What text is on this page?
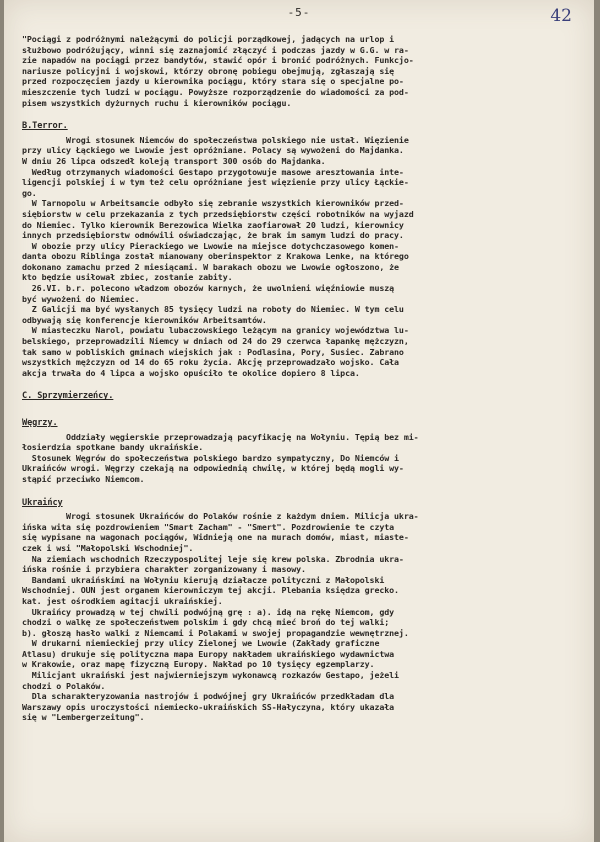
-5-	42
"Pociągi z podróżnymi należącymi do policji porządkowej, jadących na urlop i
służbowo podróżujący, winni się zaznajomić złączyć i podczas jazdy w G.G. w ra-
zie napadów na pociągi przez bandytów, stawić opór i bronić podróżnych. Funkcjo-
nariusze policyjni i wojskowi, którzy obronę pobiegu obejmują, zgłaszają się
przed rozpoczęciem jazdy u kierownika pociągu, który stara się o specjalne po-
mieszczenie tych ludzi w pociągu. Powyższe rozporządzenie do wiadomości za pod-
pisem wszystkich dyżurnych ruchu i kierowników pociągu.
B.Terror.
Wrogi stosunek Niemców do społeczeństwa polskiego nie ustał. Więzienie
przy ulicy Łąckiego we Lwowie jest opróżniane. Polacy są wywożeni do Majdanka.
W dniu 26 lipca odszedł koleją transport 300 osób do Majdanka.
Według otrzymanych wiadomości Gestapo przygotowuje masowe aresztowania inte-
ligencji polskiej i w tym też celu opróżniane jest więzienie przy ulicy Łąckie-
go.
W Tarnopolu w Arbeitsamcie odbyło się zebranie wszystkich kierowników przed-
siębiorstw w celu przekazania z tych przedsiębiorstw części robotników na wyjazd
do Niemiec. Tylko kierownik Berezowica Wielka zaofiarował 20 ludzi, kierownicy
innych przedsiębiorstw odmówili oświadczając, że brak im samym ludzi do pracy.
W obozie przy ulicy Pierackiego we Lwowie na miejsce dotychczasowego komen-
danta obozu Riblinga został mianowany oberinspektor z Krakowa Lenke, na którego
dokonano zamachu przed 2 miesiącami. W barakach obozu we Lwowie ogłoszono, że
kto będzie usiłował zbiec, zostanie zabity.
26.VI. b.r. polecono władzom obozów karnych, że uwolnieni więźniowie muszą
być wywożeni do Niemiec.
Z Galicji ma być wysłanych 85 tysięcy ludzi na roboty do Niemiec. W tym celu
odbywają się konferencje kierowników Arbeitsamtów.
W miasteczku Narol, powiatu lubaczowskiego leżącym na granicy województwa lu-
belskiego, przeprowadzili Niemcy w dniach od 24 do 29 czerwca łapankę mężczyzn,
tak samo w pobliskich gminach wiejskich jak : Podlasina, Pory, Susiec. Zabrano
wszystkich mężczyzn od 14 do 65 roku życia. Akcję przeprowadzało wojsko. Cała
akcja trwała do 4 lipca a wojsko opuściło te okolice dopiero 8 lipca.
C. Sprzymierzeńcy.
Węgrzy.
Oddziały węgierskie przeprowadzają pacyfikację na Wołyniu. Tępią bez mi-
łosierdzia spotkane bandy ukraińskie.
Stosunek Węgrów do społeczeństwa polskiego bardzo sympatyczny, Do Niemców i
Ukraińców wrogi. Węgrzy czekają na odpowiednią chwilę, w której będą mogli wy-
stąpić przeciwko Niemcom.
Ukraińcy
Wrogi stosunek Ukraińców do Polaków rośnie z każdym dniem. Milicja ukra-
ińska wita się pozdrowieniem "Smart Zacham" - "Smert". Pozdrowienie te czyta
się wypisane na wagonach pociągów, Widnieją one na murach domów, miast, miaste-
czek i wsi "Małopolski Wschodniej".
Na ziemiach wschodnich Rzeczypospolitej leje się krew polska. Zbrodnia ukra-
ińska rośnie i przybiera charakter zorganizowany i masowy.
Bandami ukraińskimi na Wołyniu kierują działacze polityczni z Małopolski
Wschodniej. OUN jest organem kierowniczym tej akcji. Plebania księdza grecko.
kat. jest ośrodkiem agitacji ukraińskiej.
Ukraińcy prowadzą w tej chwili podwójną grę : a). idą na rękę Niemcom, gdy
chodzi o walkę ze społeczeństwem polskim i gdy chcą mieć broń do tej walki;
b). głoszą hasło walki z Niemcami i Polakami w swojej propagandzie wewnętrznej.
W drukarni niemieckiej przy ulicy Zielonej we Lwowie (Zakłady graficzne
Atlasu) drukuje się polityczna mapa Europy nakładem ukraińskiego wydawnictwa
w Krakowie, oraz mapę fizyczną Europy. Nakład po 10 tysięcy egzemplarzy.
Milicjant ukraiński jest najwierniejszym wykonawcą rozkazów Gestapo, jeżeli
chodzi o Polaków.
Dla scharakteryzowania nastrojów i podwójnej gry Ukraińców przedkładam dla
Warszawy opis uroczystości niemiecko-ukraińskich SS-Hałyczyna, który ukazała
się w "Lembergerzeitung".
